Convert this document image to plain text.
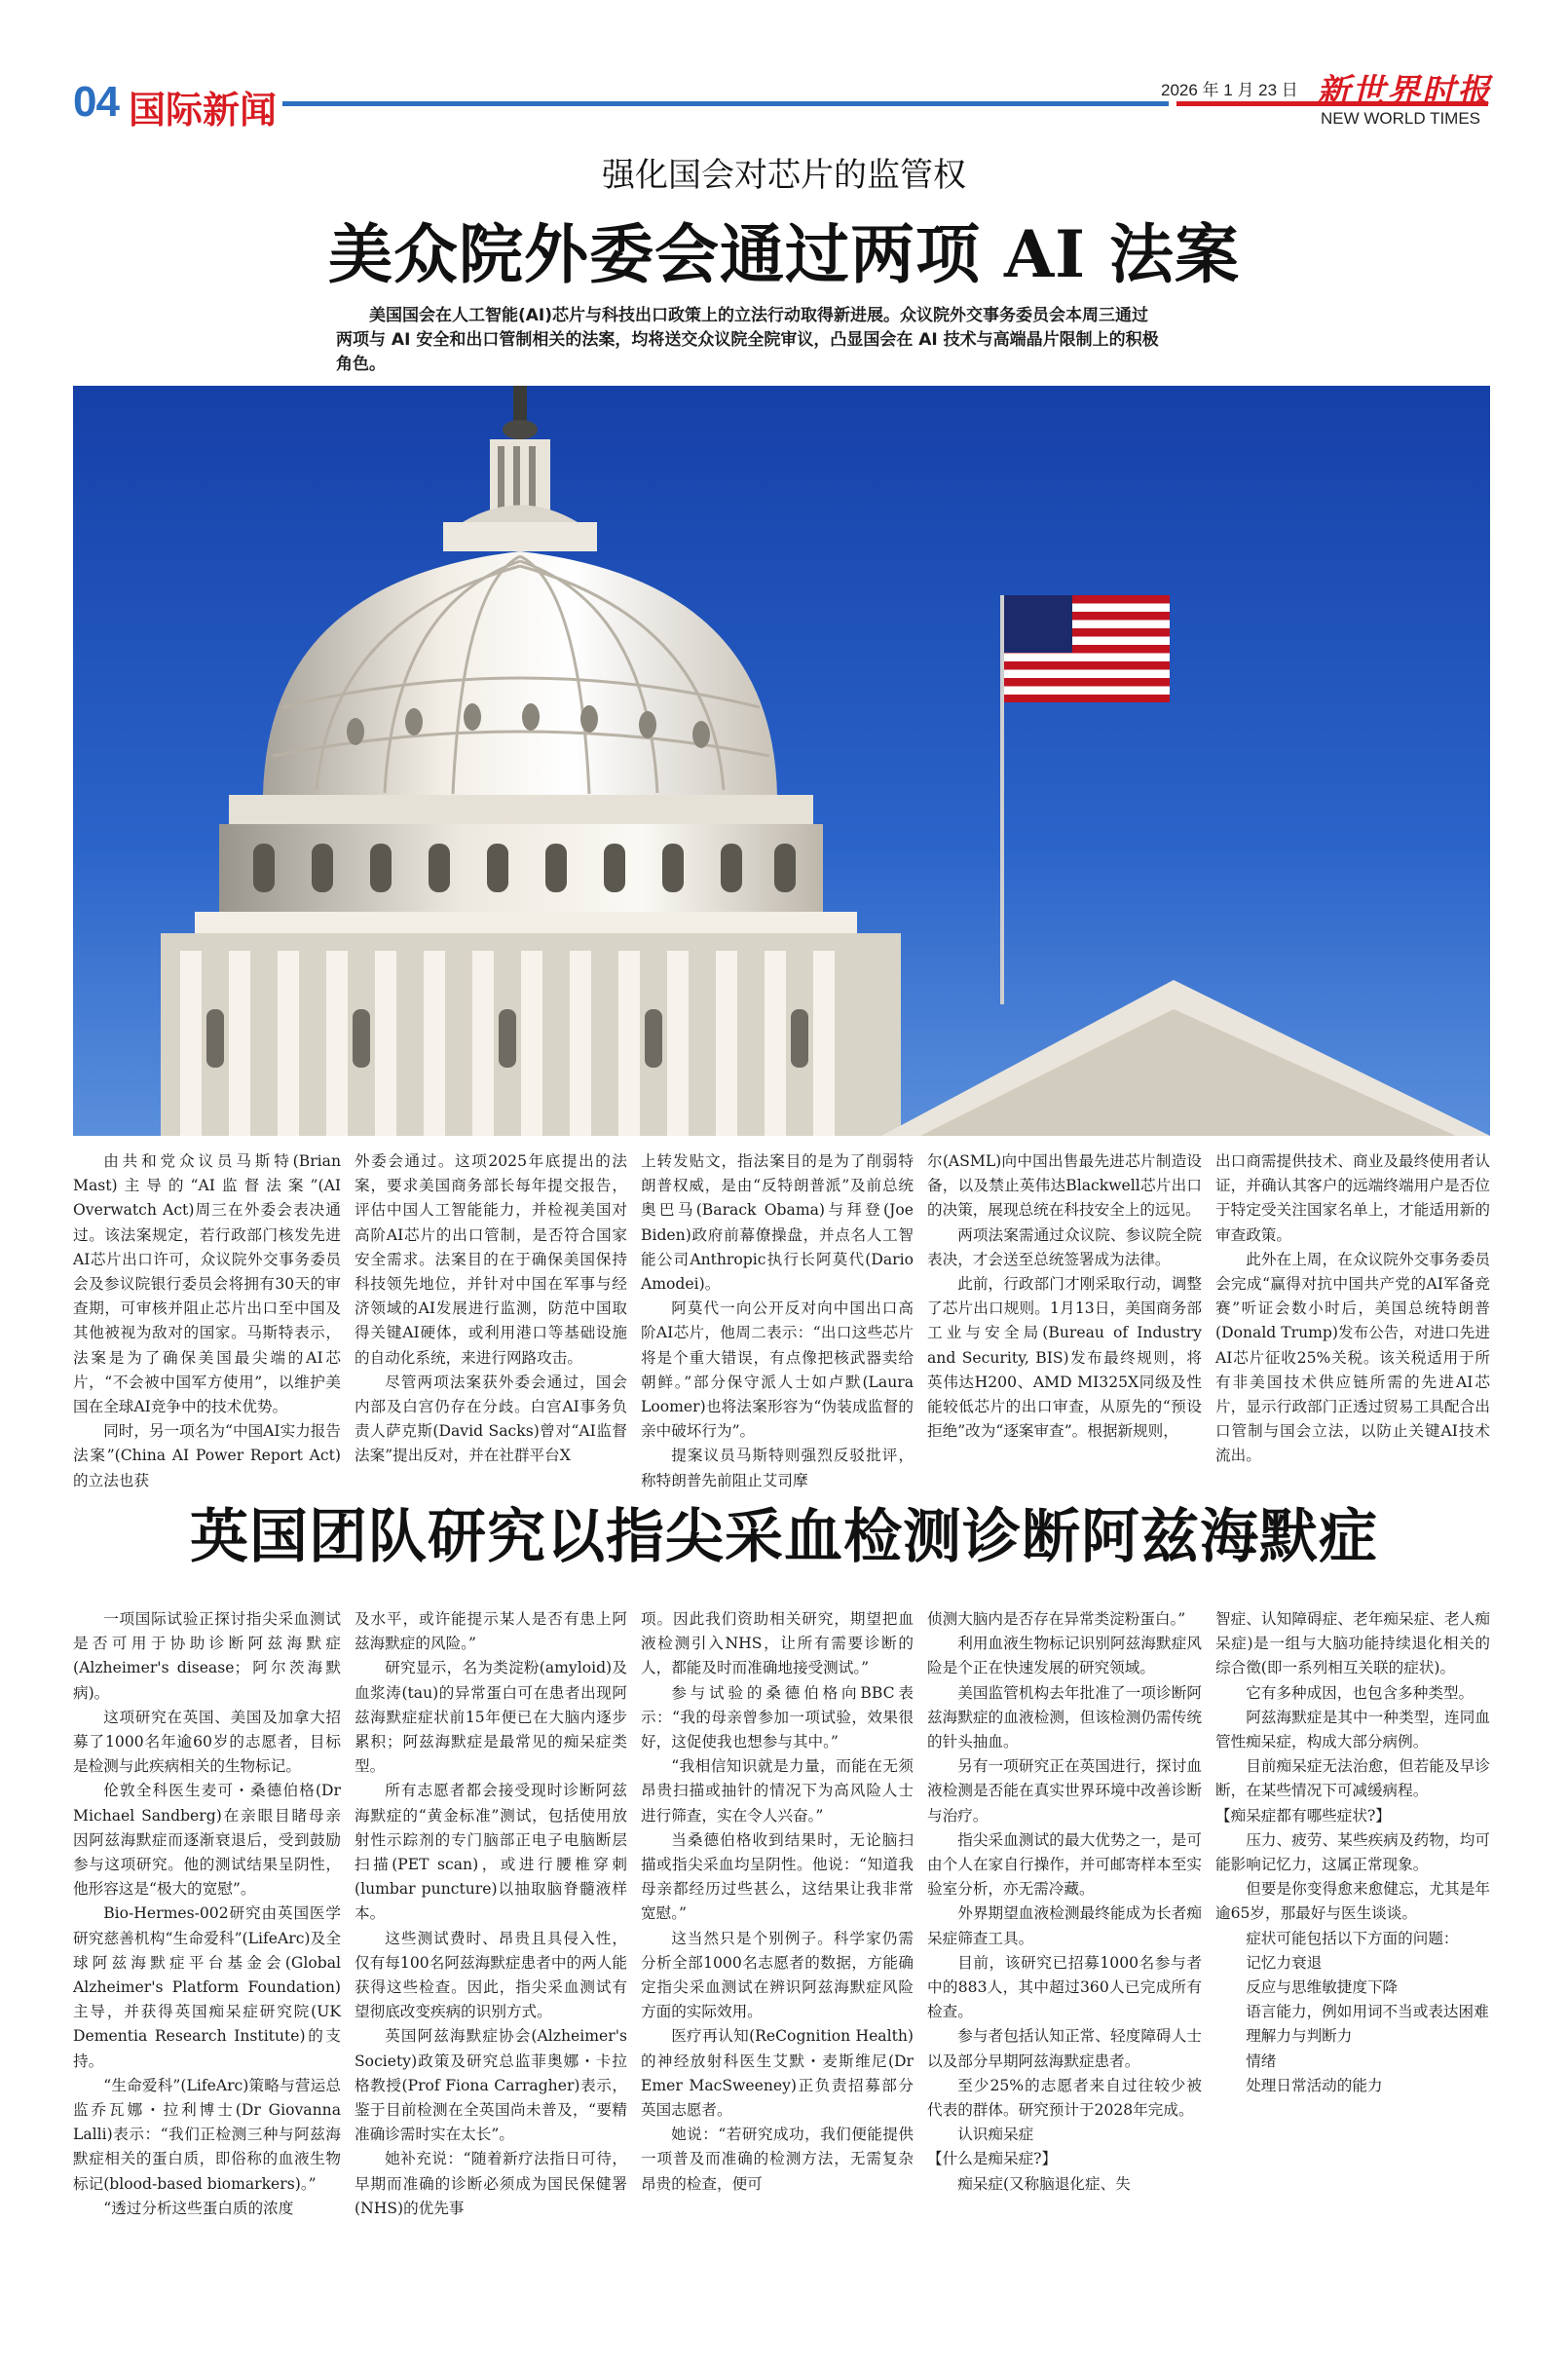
04 国际新闻	2026 年 1 月 23 日 新世界时报
NEW WORLD TIMES
强化国会对芯片的监管权
美众院外委会通过两项 AI 法案
美国国会在人工智能(AI)芯片与科技出口政策上的立法行动取得新进展。众议院外交事务委员会本周三通过两项与 AI 安全和出口管制相关的法案，均将送交众议院全院审议，凸显国会在 AI 技术与高端晶片限制上的积极角色。

由共和党众议员马斯特(Brian Mast)主导的“AI监督法案”(AI Overwatch Act)周三在外委会表决通过。该法案规定，若行政部门核发先进AI芯片出口许可，众议院外交事务委员会及参议院银行委员会将拥有30天的审查期，可审核并阻止芯片出口至中国及其他被视为敌对的国家。马斯特表示，法案是为了确保美国最尖端的AI芯片，“不会被中国军方使用”，以维护美国在全球AI竞争中的技术优势。

同时，另一项名为“中国AI实力报告法案”(China AI Power Report Act)的立法也获

外委会通过。这项2025年底提出的法案，要求美国商务部长每年提交报告，评估中国人工智能能力，并检视美国对高阶AI芯片的出口管制，是否符合国家安全需求。法案目的在于确保美国保持科技领先地位，并针对中国在军事与经济领域的AI发展进行监测，防范中国取得关键AI硬体，或利用港口等基础设施的自动化系统，来进行网路攻击。

尽管两项法案获外委会通过，国会内部及白宫仍存在分歧。白宫AI事务负责人萨克斯(David Sacks)曾对“AI监督法案”提出反对，并在社群平台X

上转发贴文，指法案目的是为了削弱特朗普权威，是由“反特朗普派”及前总统奥巴马(Barack Obama)与拜登(Joe Biden)政府前幕僚操盘，并点名人工智能公司Anthropic执行长阿莫代(Dario Amodei)。

阿莫代一向公开反对向中国出口高阶AI芯片，他周二表示：“出口这些芯片将是个重大错误，有点像把核武器卖给朝鲜。”部分保守派人士如卢默(Laura Loomer)也将法案形容为“伪装成监督的亲中破坏行为”。

提案议员马斯特则强烈反驳批评，称特朗普先前阻止艾司摩

尔(ASML)向中国出售最先进芯片制造设备，以及禁止英伟达Blackwell芯片出口的决策，展现总统在科技安全上的远见。

两项法案需通过众议院、参议院全院表决，才会送至总统签署成为法律。

此前，行政部门才刚采取行动，调整了芯片出口规则。1月13日，美国商务部工业与安全局(Bureau of Industry and Security, BIS)发布最终规则，将英伟达H200、AMD MI325X同级及性能较低芯片的出口审查，从原先的“预设拒绝”改为“逐案审查”。根据新规则，

出口商需提供技术、商业及最终使用者认证，并确认其客户的远端终端用户是否位于特定受关注国家名单上，才能适用新的审查政策。

此外在上周，在众议院外交事务委员会完成“赢得对抗中国共产党的AI军备竞赛”听证会数小时后，美国总统特朗普(Donald Trump)发布公告，对进口先进AI芯片征收25%关税。该关税适用于所有非美国技术供应链所需的先进AI芯片，显示行政部门正透过贸易工具配合出口管制与国会立法，以防止关键AI技术流出。

英国团队研究以指尖采血检测诊断阿兹海默症

一项国际试验正探讨指尖采血测试是否可用于协助诊断阿兹海默症(Alzheimer's disease；阿尔茨海默病)。

这项研究在英国、美国及加拿大招募了1000名年逾60岁的志愿者，目标是检测与此疾病相关的生物标记。

伦敦全科医生麦可・桑德伯格(Dr Michael Sandberg)在亲眼目睹母亲因阿兹海默症而逐渐衰退后，受到鼓励参与这项研究。他的测试结果呈阴性，他形容这是“极大的宽慰”。

Bio-Hermes-002研究由英国医学研究慈善机构“生命爱科”(LifeArc)及全球阿兹海默症平台基金会(Global Alzheimer's Platform Foundation)主导，并获得英国痴呆症研究院(UK Dementia Research Institute)的支持。

“生命爱科”(LifeArc)策略与营运总监乔瓦娜・拉利博士(Dr Giovanna Lalli)表示：“我们正检测三种与阿兹海默症相关的蛋白质，即俗称的血液生物标记(blood-based biomarkers)。”

“透过分析这些蛋白质的浓度

及水平，或许能提示某人是否有患上阿兹海默症的风险。”

研究显示，名为类淀粉(amyloid)及血浆涛(tau)的异常蛋白可在患者出现阿兹海默症症状前15年便已在大脑内逐步累积；阿兹海默症是最常见的痴呆症类型。

所有志愿者都会接受现时诊断阿兹海默症的“黄金标准”测试，包括使用放射性示踪剂的专门脑部正电子电脑断层扫描(PET scan)，或进行腰椎穿刺(lumbar puncture)以抽取脑脊髓液样本。

这些测试费时、昂贵且具侵入性，仅有每100名阿兹海默症患者中的两人能获得这些检查。因此，指尖采血测试有望彻底改变疾病的识别方式。

英国阿兹海默症协会(Alzheimer's Society)政策及研究总监菲奥娜・卡拉格教授(Prof Fiona Carragher)表示，鉴于目前检测在全英国尚未普及，“要精准确诊需时实在太长”。

她补充说：“随着新疗法指日可待，早期而准确的诊断必须成为国民保健署(NHS)的优先事

项。因此我们资助相关研究，期望把血液检测引入NHS，让所有需要诊断的人，都能及时而准确地接受测试。”

参与试验的桑德伯格向BBC表示：“我的母亲曾参加一项试验，效果很好，这促使我也想参与其中。”

“我相信知识就是力量，而能在无须昂贵扫描或抽针的情况下为高风险人士进行筛查，实在令人兴奋。”

当桑德伯格收到结果时，无论脑扫描或指尖采血均呈阴性。他说：“知道我母亲都经历过些甚么，这结果让我非常宽慰。”

这当然只是个别例子。科学家仍需分析全部1000名志愿者的数据，方能确定指尖采血测试在辨识阿兹海默症风险方面的实际效用。

医疗再认知(ReCognition Health)的神经放射科医生艾默・麦斯维尼(Dr Emer MacSweeney)正负责招募部分英国志愿者。

她说：“若研究成功，我们便能提供一项普及而准确的检测方法，无需复杂昂贵的检查，便可

侦测大脑内是否存在异常类淀粉蛋白。”

利用血液生物标记识别阿兹海默症风险是个正在快速发展的研究领域。

美国监管机构去年批准了一项诊断阿兹海默症的血液检测，但该检测仍需传统的针头抽血。

另有一项研究正在英国进行，探讨血液检测是否能在真实世界环境中改善诊断与治疗。

指尖采血测试的最大优势之一，是可由个人在家自行操作，并可邮寄样本至实验室分析，亦无需冷藏。

外界期望血液检测最终能成为长者痴呆症筛查工具。

目前，该研究已招募1000名参与者中的883人，其中超过360人已完成所有检查。

参与者包括认知正常、轻度障碍人士以及部分早期阿兹海默症患者。

至少25%的志愿者来自过往较少被代表的群体。研究预计于2028年完成。

认识痴呆症

【什么是痴呆症?】

痴呆症(又称脑退化症、失

智症、认知障碍症、老年痴呆症、老人痴呆症)是一组与大脑功能持续退化相关的综合徵(即一系列相互关联的症状)。

它有多种成因，也包含多种类型。

阿兹海默症是其中一种类型，连同血管性痴呆症，构成大部分病例。

目前痴呆症无法治愈，但若能及早诊断，在某些情况下可减缓病程。

【痴呆症都有哪些症状?】

压力、疲劳、某些疾病及药物，均可能影响记忆力，这属正常现象。

但要是你变得愈来愈健忘，尤其是年逾65岁，那最好与医生谈谈。

症状可能包括以下方面的问题：

记忆力衰退

反应与思维敏捷度下降

语言能力，例如用词不当或表达困难

理解力与判断力

情绪

处理日常活动的能力
